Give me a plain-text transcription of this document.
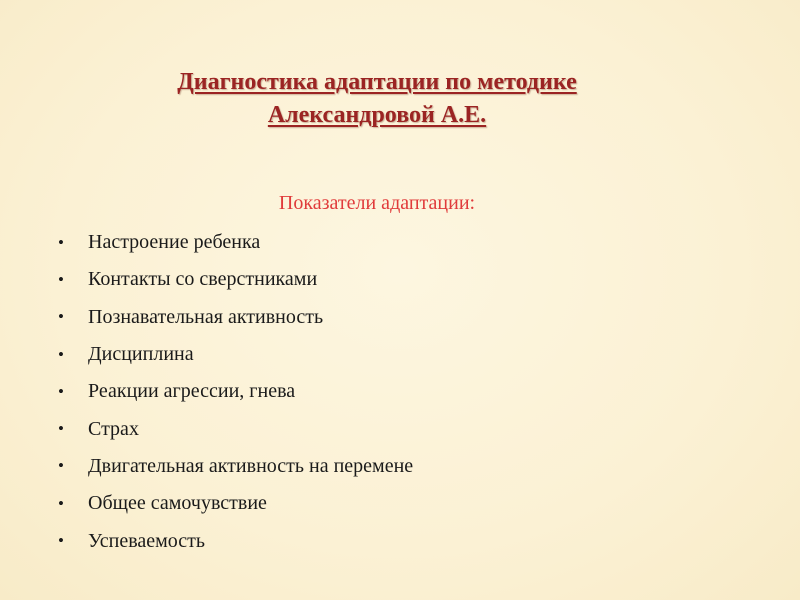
Диагностика адаптации по методике
Александровой А.Е.
Показатели адаптации:
•	Настроение ребенка
•	Контакты со сверстниками
•	Познавательная активность
•	Дисциплина
•	Реакции агрессии, гнева
•	Страх
•	Двигательная активность на перемене
•	Общее самочувствие
•	Успеваемость
